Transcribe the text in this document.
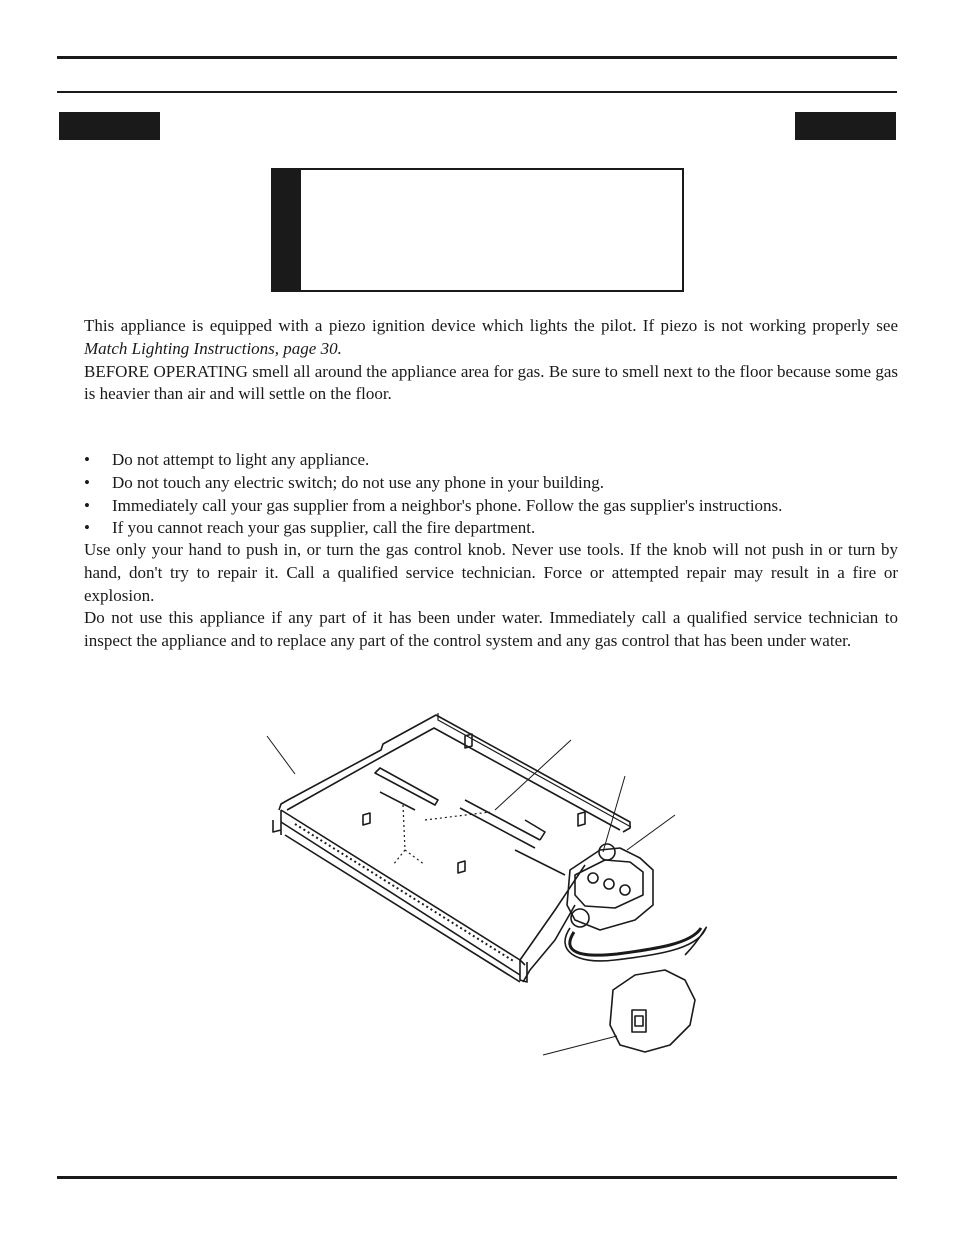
This appliance is equipped with a piezo ignition device which lights the pilot. If piezo is not working properly see Match Lighting Instructions, page 30.

BEFORE OPERATING smell all around the appliance area for gas. Be sure to smell next to the floor because some gas is heavier than air and will settle on the floor.

• Do not attempt to light any appliance.
• Do not touch any electric switch; do not use any phone in your building.
• Immediately call your gas supplier from a neighbor's phone. Follow the gas supplier's instructions.
• If you cannot reach your gas supplier, call the fire department.

Use only your hand to push in, or turn the gas control knob. Never use tools. If the knob will not push in or turn by hand, don't try to repair it. Call a qualified service technician. Force or attempted repair may result in a fire or explosion.

Do not use this appliance if any part of it has been under water. Immediately call a qualified service technician to inspect the appliance and to replace any part of the control system and any gas control that has been under water.
